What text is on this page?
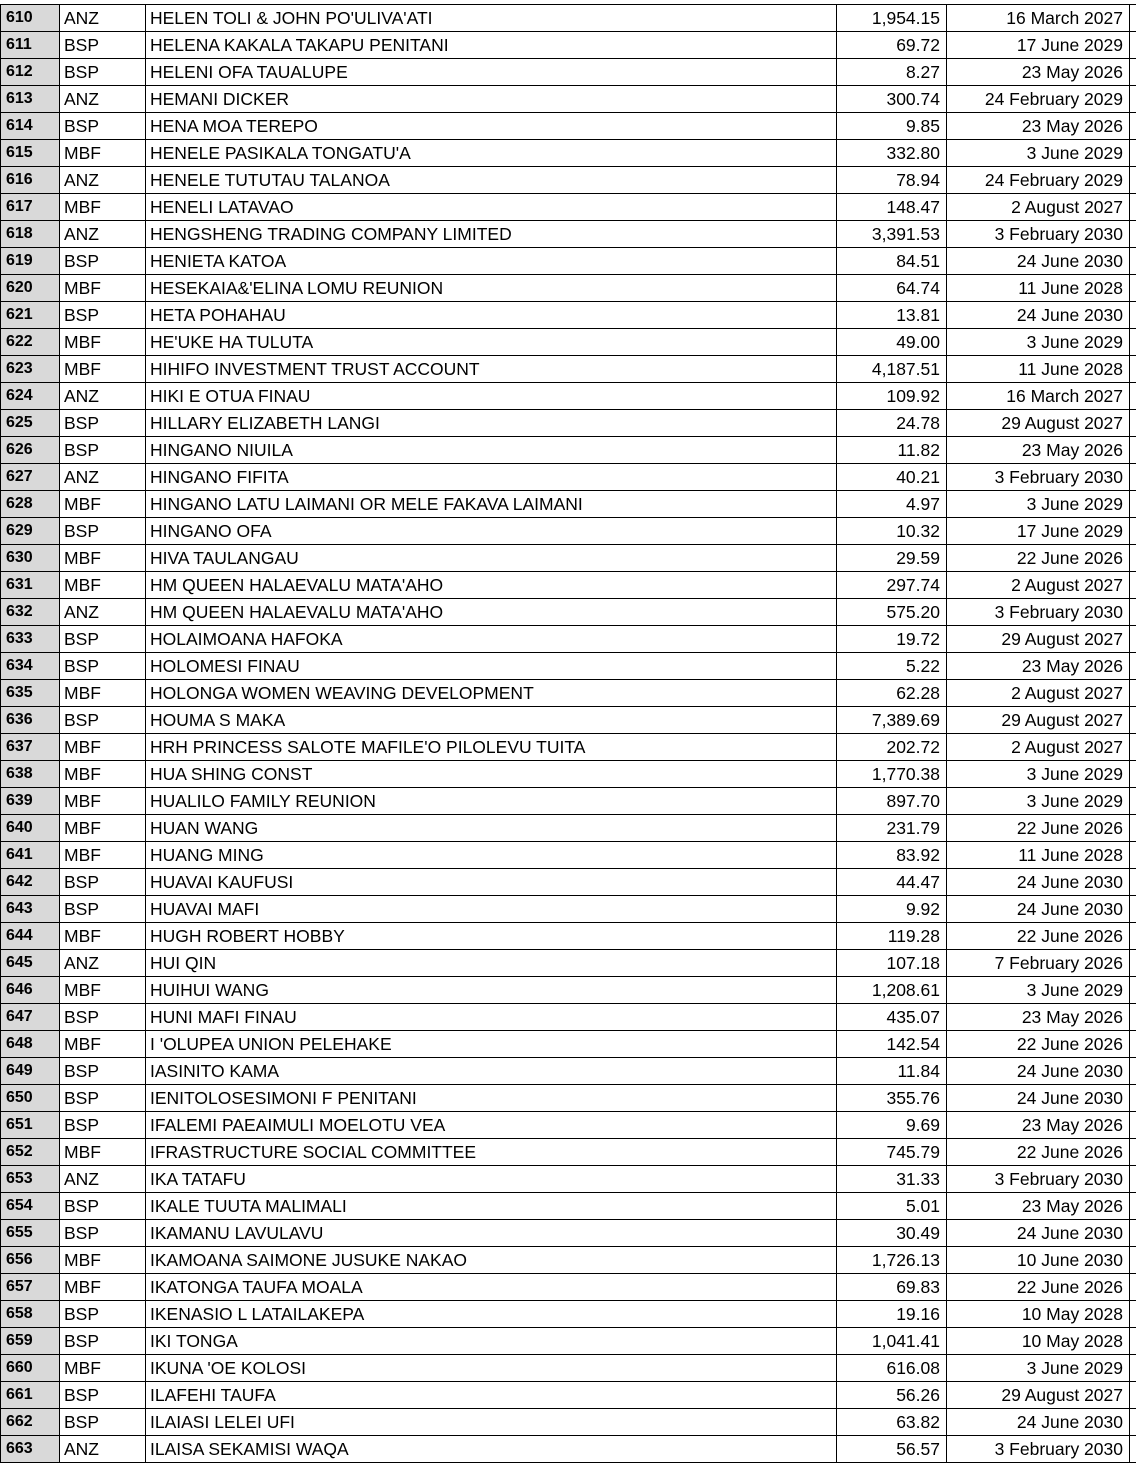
610	ANZ	HELEN TOLI & JOHN PO'ULIVA'ATI	1,954.15	16 March 2027	
611	BSP	HELENA KAKALA TAKAPU PENITANI	69.72	17 June 2029	
612	BSP	HELENI OFA TAUALUPE	8.27	23 May 2026	
613	ANZ	HEMANI DICKER	300.74	24 February 2029	
614	BSP	HENA MOA TEREPO	9.85	23 May 2026	
615	MBF	HENELE PASIKALA TONGATU'A	332.80	3 June 2029	
616	ANZ	HENELE TUTUTAU TALANOA	78.94	24 February 2029	
617	MBF	HENELI LATAVAO	148.47	2 August 2027	
618	ANZ	HENGSHENG TRADING COMPANY LIMITED	3,391.53	3 February 2030	
619	BSP	HENIETA KATOA	84.51	24 June 2030	
620	MBF	HESEKAIA&'ELINA LOMU REUNION	64.74	11 June 2028	
621	BSP	HETA POHAHAU	13.81	24 June 2030	
622	MBF	HE'UKE HA TULUTA	49.00	3 June 2029	
623	MBF	HIHIFO INVESTMENT TRUST ACCOUNT	4,187.51	11 June 2028	
624	ANZ	HIKI E OTUA FINAU	109.92	16 March 2027	
625	BSP	HILLARY ELIZABETH LANGI	24.78	29 August 2027	
626	BSP	HINGANO NIUILA	11.82	23 May 2026	
627	ANZ	HINGANO FIFITA	40.21	3 February 2030	
628	MBF	HINGANO LATU LAIMANI OR MELE FAKAVA LAIMANI	4.97	3 June 2029	
629	BSP	HINGANO OFA	10.32	17 June 2029	
630	MBF	HIVA TAULANGAU	29.59	22 June 2026	
631	MBF	HM QUEEN HALAEVALU MATA'AHO	297.74	2 August 2027	
632	ANZ	HM QUEEN HALAEVALU MATA'AHO	575.20	3 February 2030	
633	BSP	HOLAIMOANA HAFOKA	19.72	29 August 2027	
634	BSP	HOLOMESI FINAU	5.22	23 May 2026	
635	MBF	HOLONGA WOMEN WEAVING DEVELOPMENT	62.28	2 August 2027	
636	BSP	HOUMA S MAKA	7,389.69	29 August 2027	
637	MBF	HRH PRINCESS SALOTE MAFILE'O PILOLEVU TUITA	202.72	2 August 2027	
638	MBF	HUA SHING CONST	1,770.38	3 June 2029	
639	MBF	HUALILO FAMILY REUNION	897.70	3 June 2029	
640	MBF	HUAN WANG	231.79	22 June 2026	
641	MBF	HUANG MING	83.92	11 June 2028	
642	BSP	HUAVAI KAUFUSI	44.47	24 June 2030	
643	BSP	HUAVAI MAFI	9.92	24 June 2030	
644	MBF	HUGH ROBERT HOBBY	119.28	22 June 2026	
645	ANZ	HUI QIN	107.18	7 February 2026	
646	MBF	HUIHUI WANG	1,208.61	3 June 2029	
647	BSP	HUNI MAFI FINAU	435.07	23 May 2026	
648	MBF	I 'OLUPEA UNION PELEHAKE	142.54	22 June 2026	
649	BSP	IASINITO KAMA	11.84	24 June 2030	
650	BSP	IENITOLOSESIMONI F PENITANI	355.76	24 June 2030	
651	BSP	IFALEMI PAEAIMULI MOELOTU VEA	9.69	23 May 2026	
652	MBF	IFRASTRUCTURE SOCIAL COMMITTEE	745.79	22 June 2026	
653	ANZ	IKA TATAFU	31.33	3 February 2030	
654	BSP	IKALE TUUTA MALIMALI	5.01	23 May 2026	
655	BSP	IKAMANU LAVULAVU	30.49	24 June 2030	
656	MBF	IKAMOANA SAIMONE JUSUKE NAKAO	1,726.13	10 June 2030	
657	MBF	IKATONGA TAUFA MOALA	69.83	22 June 2026	
658	BSP	IKENASIO L LATAILAKEPA	19.16	10 May 2028	
659	BSP	IKI TONGA	1,041.41	10 May 2028	
660	MBF	IKUNA 'OE KOLOSI	616.08	3 June 2029	
661	BSP	ILAFEHI TAUFA	56.26	29 August 2027	
662	BSP	ILAIASI LELEI UFI	63.82	24 June 2030	
663	ANZ	ILAISA SEKAMISI WAQA	56.57	3 February 2030	
